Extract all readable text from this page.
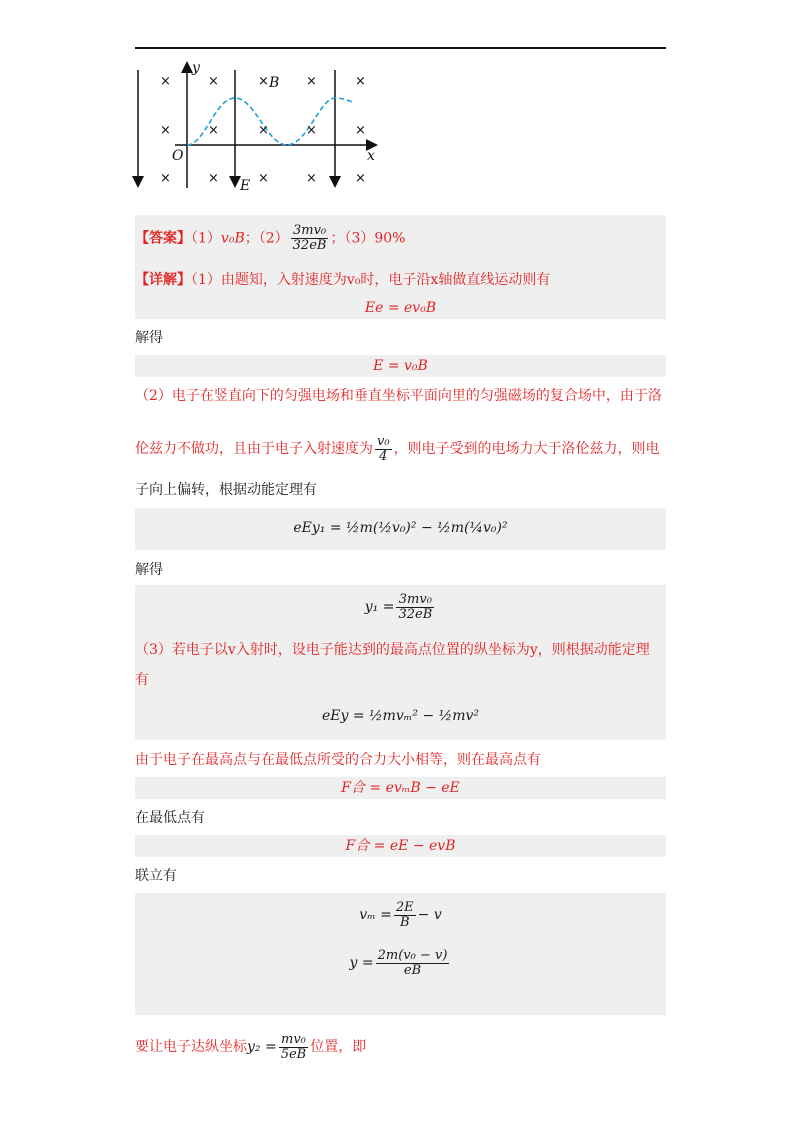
×	×	×	×	×
×	×	×	×	×
×	×	×	×	×
y
x
O
B
E
【答案】（1）v₀B；$(2) \frac{\text{3mv₀}}{32eB}$ ；（3）90%
【详解】（1）由题知，入射速度为v₀时，电子沿x轴做直线运动则有
Ee = ev₀B
解得
E = v₀B
（2）电子在竖直向下的匀强电场和垂直坐标平面向里的匀强磁场的复合场中，由于洛
伦兹力不做功，且由于电子入射速度为 $\frac{\text{v₀}}{4}$ ，则电子受到的电场力大于洛伦兹力，则电
子向上偏转，根据动能定理有
eEy₁ = ½m(½v₀)² − ½m(¼v₀)²
解得
$y_1 = \frac{\text{3mv₀}}{32eB}$
（3）若电子以v入射时，设电子能达到的最高点位置的纵坐标为y，则根据动能定理
有
eEy = ½mvₘ² − ½mv²
由于电子在最高点与在最低点所受的合力大小相等，则在最高点有
F合 = evₘB − eE
在最低点有
F合 = eE − evB
联立有
$v_m = \frac{2E}{B} - v$
$y = \frac{\text{2m(v₀ − v)}}{eB}$
要让电子达纵坐标$y_2 = \frac{\text{mv₀}}{5eB}$ 位置，即
